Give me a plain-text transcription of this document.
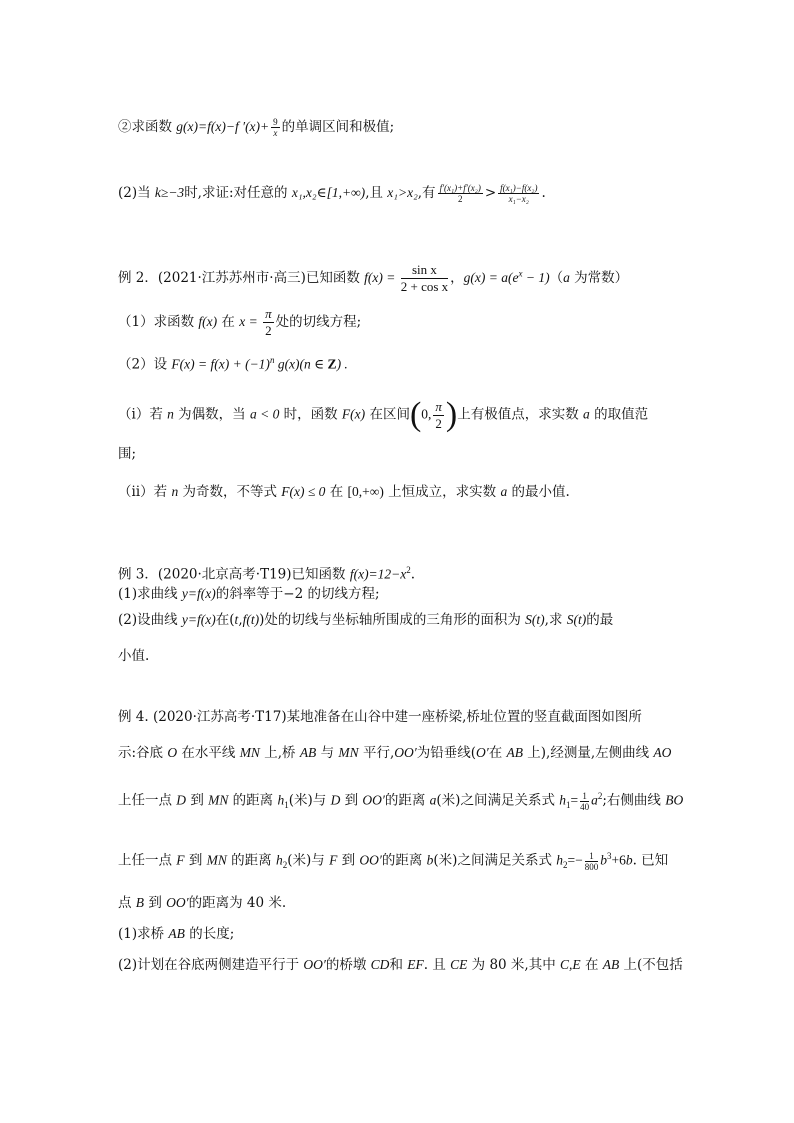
②求函数 g(x)=f(x)−f $'(x)+ \frac{9}{x}$ 的单调区间和极值;
(2)当 k≥−3时,求证:对任意的 x₁,x₂∈[1,+∞),且 x₁>x₂,有 $\frac{\text{f′(x₁)+f′(x₂)}}{2} > \frac{\text{f(x₁)−f(x₂)}}{\text{x₁−x₂}}$ .
例 2．(2021·江苏苏州市·高三)已知函数 $f(x) = \frac{\text{sin x}}{\text{2 + cos x}}$ ，$g(x) = a(e^x - 1)(a$ 为常数）
（1）求函数 f(x) 在 $x = \frac{\pi}{2}$ 处的切线方程;
（2）设 $F(x) = f(x) + (-1)^n$ g(x)(n ∈ Z) .
（ⅰ）若 n 为偶数，当 a < 0 时，函数 F(x) 在区间(0, $\frac{\pi}{2}$ )上有极值点，求实数 a 的取值范
围;
（ⅱ）若 n 为奇数，不等式 F(x) ≤ 0 在 [0,+∞) 上恒成立，求实数 a 的最小值.
例 3．(2020·北京高考·T19)已知函数 $f(x)=12-x^2$.
(1)求曲线 y=f(x)的斜率等于−2 的切线方程;
(2)设曲线 y=f(x)在(t,f(t))处的切线与坐标轴所围成的三角形的面积为 S(t),求 S(t)的最
小值.
例 4. (2020·江苏高考·T17)某地准备在山谷中建一座桥梁,桥址位置的竖直截面图如图所
示:谷底 O 在水平线 MN 上,桥 AB 与 MN 平行,OO′为铅垂线(O′在 AB 上),经测量,左侧曲线 AO
上任一点 D 到 MN 的距离 $h_1$(米)与 D 到 OO′的距离 a(米)之间满足关系式 $h_1= \frac{1}{40} a^2$;右侧曲线 BO
上任一点 F 到 MN 的距离 $h_2$(米)与 F 到 OO′的距离 b(米)之间满足关系式 $h_2=- \frac{1}{800} b^3+6b$. 已知
点 B 到 OO′的距离为 40 米.
(1)求桥 AB 的长度;
(2)计划在谷底两侧建造平行于 OO′的桥墩 CD和 EF. 且 CE 为 80 米,其中 C,E 在 AB 上(不包括
